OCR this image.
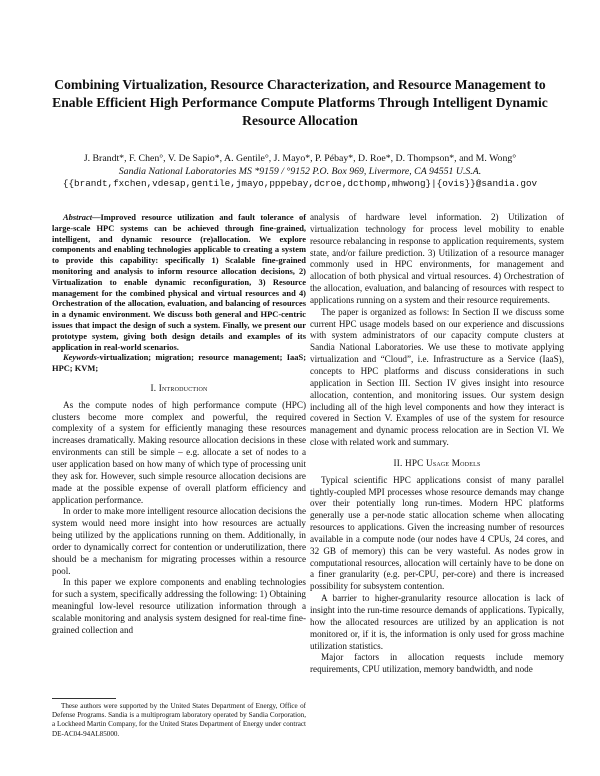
Combining Virtualization, Resource Characterization, and Resource Management to Enable Efficient High Performance Compute Platforms Through Intelligent Dynamic Resource Allocation
J. Brandt*, F. Chen°, V. De Sapio*, A. Gentile°, J. Mayo*, P. Pébay*, D. Roe*, D. Thompson*, and M. Wong°
Sandia National Laboratories MS *9159 / °9152 P.O. Box 969, Livermore, CA 94551 U.S.A.
{{brandt,fxchen,vdesap,gentile,jmayo,pppebay,dcroe,dcthomp,mhwong}|{ovis}}@sandia.gov

Abstract—Improved resource utilization and fault tolerance of large-scale HPC systems can be achieved through fine-grained, intelligent, and dynamic resource (re)allocation. We explore components and enabling technologies applicable to creating a system to provide this capability: specifically 1) Scalable fine-grained monitoring and analysis to inform resource allocation decisions, 2) Virtualization to enable dynamic reconfiguration, 3) Resource management for the combined physical and virtual resources and 4) Orchestration of the allocation, evaluation, and balancing of resources in a dynamic environment. We discuss both general and HPC-centric issues that impact the design of such a system. Finally, we present our prototype system, giving both design details and examples of its application in real-world scenarios.

Keywords-virtualization; migration; resource management; IaaS; HPC; KVM;

I. Introduction

As the compute nodes of high performance compute (HPC) clusters become more complex and powerful, the required complexity of a system for efficiently managing these resources increases dramatically. Making resource allocation decisions in these environments can still be simple – e.g. allocate a set of nodes to a user application based on how many of which type of processing unit they ask for. However, such simple resource allocation decisions are made at the possible expense of overall platform efficiency and application performance.

In order to make more intelligent resource allocation decisions the system would need more insight into how resources are actually being utilized by the applications running on them. Additionally, in order to dynamically correct for contention or underutilization, there should be a mechanism for migrating processes within a resource pool.

In this paper we explore components and enabling technologies for such a system, specifically addressing the following: 1) Obtaining meaningful low-level resource utilization information through a scalable monitoring and analysis system designed for real-time fine-grained collection and

analysis of hardware level information. 2) Utilization of virtualization technology for process level mobility to enable resource rebalancing in response to application requirements, system state, and/or failure prediction. 3) Utilization of a resource manager commonly used in HPC environments, for management and allocation of both physical and virtual resources. 4) Orchestration of the allocation, evaluation, and balancing of resources with respect to applications running on a system and their resource requirements.

The paper is organized as follows: In Section II we discuss some current HPC usage models based on our experience and discussions with system administrators of our capacity compute clusters at Sandia National Laboratories. We use these to motivate applying virtualization and “Cloud”, i.e. Infrastructure as a Service (IaaS), concepts to HPC platforms and discuss considerations in such application in Section III. Section IV gives insight into resource allocation, contention, and monitoring issues. Our system design including all of the high level components and how they interact is covered in Section V. Examples of use of the system for resource management and dynamic process relocation are in Section VI. We close with related work and summary.

II. HPC Usage Models

Typical scientific HPC applications consist of many parallel tightly-coupled MPI processes whose resource demands may change over their potentially long run-times. Modern HPC platforms generally use a per-node static allocation scheme when allocating resources to applications. Given the increasing number of resources available in a compute node (our nodes have 4 CPUs, 24 cores, and 32 GB of memory) this can be very wasteful. As nodes grow in computational resources, allocation will certainly have to be done on a finer granularity (e.g. per-CPU, per-core) and there is increased possibility for subsystem contention.

A barrier to higher-granularity resource allocation is lack of insight into the run-time resource demands of applications. Typically, how the allocated resources are utilized by an application is not monitored or, if it is, the information is only used for gross machine utilization statistics.

Major factors in allocation requests include memory requirements, CPU utilization, memory bandwidth, and node

These authors were supported by the United States Department of Energy, Office of Defense Programs. Sandia is a multiprogram laboratory operated by Sandia Corporation, a Lockheed Martin Company, for the United States Department of Energy under contract DE-AC04-94AL85000.
